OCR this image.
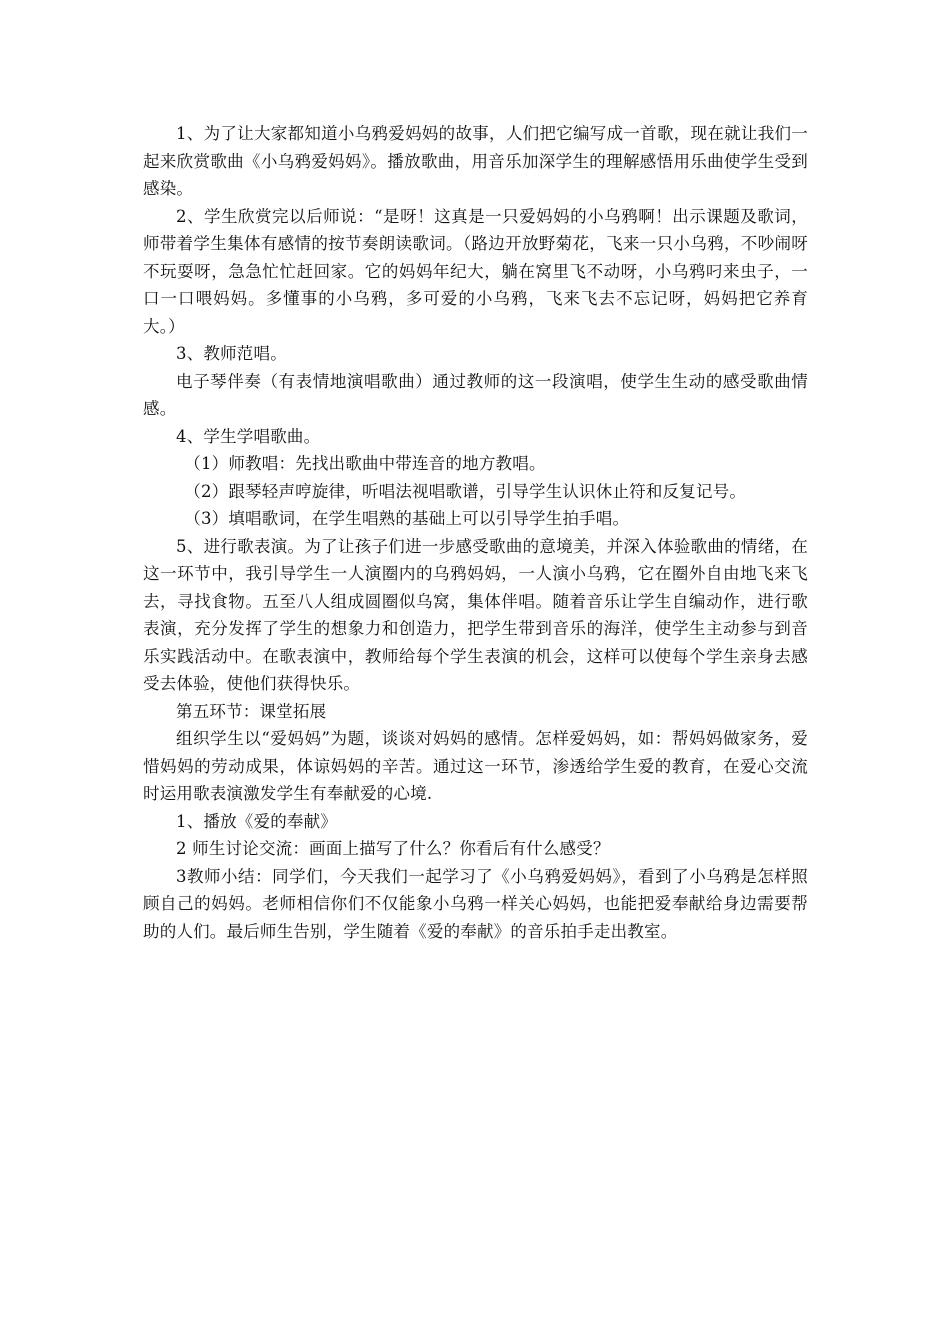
1、为了让大家都知道小乌鸦爱妈妈的故事，人们把它编写成一首歌，现在就让我们一起来欣赏歌曲《小乌鸦爱妈妈》。播放歌曲，用音乐加深学生的理解感悟用乐曲使学生受到感染。

2、学生欣赏完以后师说：“是呀！这真是一只爱妈妈的小乌鸦啊！出示课题及歌词，师带着学生集体有感情的按节奏朗读歌词。（路边开放野菊花，飞来一只小乌鸦，不吵闹呀不玩耍呀，急急忙忙赶回家。它的妈妈年纪大，躺在窝里飞不动呀，小乌鸦叼来虫子，一口一口喂妈妈。多懂事的小乌鸦，多可爱的小乌鸦，飞来飞去不忘记呀，妈妈把它养育大。）

3、教师范唱。

电子琴伴奏（有表情地演唱歌曲）通过教师的这一段演唱，使学生生动的感受歌曲情感。

4、学生学唱歌曲。

（1）师教唱：先找出歌曲中带连音的地方教唱。

（2）跟琴轻声哼旋律，听唱法视唱歌谱，引导学生认识休止符和反复记号。

（3）填唱歌词，在学生唱熟的基础上可以引导学生拍手唱。

5、进行歌表演。为了让孩子们进一步感受歌曲的意境美，并深入体验歌曲的情绪，在这一环节中，我引导学生一人演圈内的乌鸦妈妈，一人演小乌鸦，它在圈外自由地飞来飞去，寻找食物。五至八人组成圆圈似乌窝，集体伴唱。随着音乐让学生自编动作，进行歌表演，充分发挥了学生的想象力和创造力，把学生带到音乐的海洋，使学生主动参与到音乐实践活动中。在歌表演中，教师给每个学生表演的机会，这样可以使每个学生亲身去感受去体验，使他们获得快乐。

第五环节：课堂拓展

组织学生以“爱妈妈”为题，谈谈对妈妈的感情。怎样爱妈妈，如：帮妈妈做家务，爱惜妈妈的劳动成果，体谅妈妈的辛苦。通过这一环节，渗透给学生爱的教育，在爱心交流时运用歌表演激发学生有奉献爱的心境.

1、播放《爱的奉献》

2 师生讨论交流：画面上描写了什么？你看后有什么感受？

3教师小结：同学们，今天我们一起学习了《小乌鸦爱妈妈》，看到了小乌鸦是怎样照顾自己的妈妈。老师相信你们不仅能象小乌鸦一样关心妈妈，也能把爱奉献给身边需要帮助的人们。最后师生告别，学生随着《爱的奉献》的音乐拍手走出教室。
